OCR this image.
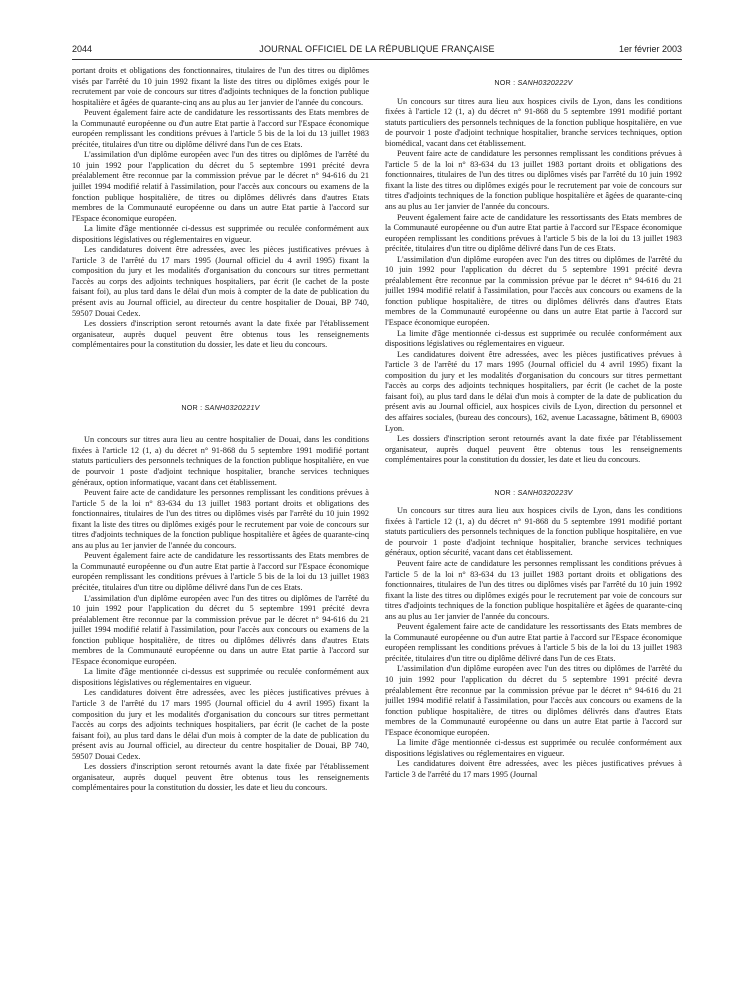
2044	JOURNAL OFFICIEL DE LA RÉPUBLIQUE FRANÇAISE	1er février 2003

portant droits et obligations des fonctionnaires, titulaires de l'un des titres ou diplômes visés par l'arrêté du 10 juin 1992 fixant la liste des titres ou diplômes exigés pour le recrutement par voie de concours sur titres d'adjoints techniques de la fonction publique hospitalière et âgées de quarante-cinq ans au plus au 1er janvier de l'année du concours.

Peuvent également faire acte de candidature les ressortissants des Etats membres de la Communauté européenne ou d'un autre Etat partie à l'accord sur l'Espace économique européen remplissant les conditions prévues à l'article 5 bis de la loi du 13 juillet 1983 précitée, titulaires d'un titre ou diplôme délivré dans l'un de ces Etats.

L'assimilation d'un diplôme européen avec l'un des titres ou diplômes de l'arrêté du 10 juin 1992 pour l'application du décret du 5 septembre 1991 précité devra préalablement être reconnue par la commission prévue par le décret n° 94-616 du 21 juillet 1994 modifié relatif à l'assimilation, pour l'accès aux concours ou examens de la fonction publique hospitalière, de titres ou diplômes délivrés dans d'autres Etats membres de la Communauté européenne ou dans un autre Etat partie à l'accord sur l'Espace économique européen.

La limite d'âge mentionnée ci-dessus est supprimée ou reculée conformément aux dispositions législatives ou réglementaires en vigueur.

Les candidatures doivent être adressées, avec les pièces justificatives prévues à l'article 3 de l'arrêté du 17 mars 1995 (Journal officiel du 4 avril 1995) fixant la composition du jury et les modalités d'organisation du concours sur titres permettant l'accès au corps des adjoints techniques hospitaliers, par écrit (le cachet de la poste faisant foi), au plus tard dans le délai d'un mois à compter de la date de publication du présent avis au Journal officiel, au directeur du centre hospitalier de Douai, BP 740, 59507 Douai Cedex.

Les dossiers d'inscription seront retournés avant la date fixée par l'établissement organisateur, auprès duquel peuvent être obtenus tous les renseignements complémentaires pour la constitution du dossier, les date et lieu du concours.

NOR : SANH0320221V

Un concours sur titres aura lieu au centre hospitalier de Douai, dans les conditions fixées à l'article 12 (1, a) du décret n° 91-868 du 5 septembre 1991 modifié portant statuts particuliers des personnels techniques de la fonction publique hospitalière, en vue de pourvoir 1 poste d'adjoint technique hospitalier, branche services techniques généraux, option informatique, vacant dans cet établissement.

Peuvent faire acte de candidature les personnes remplissant les conditions prévues à l'article 5 de la loi n° 83-634 du 13 juillet 1983 portant droits et obligations des fonctionnaires, titulaires de l'un des titres ou diplômes visés par l'arrêté du 10 juin 1992 fixant la liste des titres ou diplômes exigés pour le recrutement par voie de concours sur titres d'adjoints techniques de la fonction publique hospitalière et âgées de quarante-cinq ans au plus au 1er janvier de l'année du concours.

Peuvent également faire acte de candidature les ressortissants des Etats membres de la Communauté européenne ou d'un autre Etat partie à l'accord sur l'Espace économique européen remplissant les conditions prévues à l'article 5 bis de la loi du 13 juillet 1983 précitée, titulaires d'un titre ou diplôme délivré dans l'un de ces Etats.

L'assimilation d'un diplôme européen avec l'un des titres ou diplômes de l'arrêté du 10 juin 1992 pour l'application du décret du 5 septembre 1991 précité devra préalablement être reconnue par la commission prévue par le décret n° 94-616 du 21 juillet 1994 modifié relatif à l'assimilation, pour l'accès aux concours ou examens de la fonction publique hospitalière, de titres ou diplômes délivrés dans d'autres Etats membres de la Communauté européenne ou dans un autre Etat partie à l'accord sur l'Espace économique européen.

La limite d'âge mentionnée ci-dessus est supprimée ou reculée conformément aux dispositions législatives ou réglementaires en vigueur.

Les candidatures doivent être adressées, avec les pièces justificatives prévues à l'article 3 de l'arrêté du 17 mars 1995 (Journal officiel du 4 avril 1995) fixant la composition du jury et les modalités d'organisation du concours sur titres permettant l'accès au corps des adjoints techniques hospitaliers, par écrit (le cachet de la poste faisant foi), au plus tard dans le délai d'un mois à compter de la date de publication du présent avis au Journal officiel, au directeur du centre hospitalier de Douai, BP 740, 59507 Douai Cedex.

Les dossiers d'inscription seront retournés avant la date fixée par l'établissement organisateur, auprès duquel peuvent être obtenus tous les renseignements complémentaires pour la constitution du dossier, les date et lieu du concours.

NOR : SANH0320222V

Un concours sur titres aura lieu aux hospices civils de Lyon, dans les conditions fixées à l'article 12 (1, a) du décret n° 91-868 du 5 septembre 1991 modifié portant statuts particuliers des personnels techniques de la fonction publique hospitalière, en vue de pourvoir 1 poste d'adjoint technique hospitalier, branche services techniques, option biomédical, vacant dans cet établissement.

Peuvent faire acte de candidature les personnes remplissant les conditions prévues à l'article 5 de la loi n° 83-634 du 13 juillet 1983 portant droits et obligations des fonctionnaires, titulaires de l'un des titres ou diplômes visés par l'arrêté du 10 juin 1992 fixant la liste des titres ou diplômes exigés pour le recrutement par voie de concours sur titres d'adjoints techniques de la fonction publique hospitalière et âgées de quarante-cinq ans au plus au 1er janvier de l'année du concours.

Peuvent également faire acte de candidature les ressortissants des Etats membres de la Communauté européenne ou d'un autre Etat partie à l'accord sur l'Espace économique européen remplissant les conditions prévues à l'article 5 bis de la loi du 13 juillet 1983 précitée, titulaires d'un titre ou diplôme délivré dans l'un de ces Etats.

L'assimilation d'un diplôme européen avec l'un des titres ou diplômes de l'arrêté du 10 juin 1992 pour l'application du décret du 5 septembre 1991 précité devra préalablement être reconnue par la commission prévue par le décret n° 94-616 du 21 juillet 1994 modifié relatif à l'assimilation, pour l'accès aux concours ou examens de la fonction publique hospitalière, de titres ou diplômes délivrés dans d'autres Etats membres de la Communauté européenne ou dans un autre Etat partie à l'accord sur l'Espace économique européen.

La limite d'âge mentionnée ci-dessus est supprimée ou reculée conformément aux dispositions législatives ou réglementaires en vigueur.

Les candidatures doivent être adressées, avec les pièces justificatives prévues à l'article 3 de l'arrêté du 17 mars 1995 (Journal officiel du 4 avril 1995) fixant la composition du jury et les modalités d'organisation du concours sur titres permettant l'accès au corps des adjoints techniques hospitaliers, par écrit (le cachet de la poste faisant foi), au plus tard dans le délai d'un mois à compter de la date de publication du présent avis au Journal officiel, aux hospices civils de Lyon, direction du personnel et des affaires sociales, (bureau des concours), 162, avenue Lacassagne, bâtiment B, 69003 Lyon.

Les dossiers d'inscription seront retournés avant la date fixée par l'établissement organisateur, auprès duquel peuvent être obtenus tous les renseignements complémentaires pour la constitution du dossier, les date et lieu du concours.

NOR : SANH0320223V

Un concours sur titres aura lieu aux hospices civils de Lyon, dans les conditions fixées à l'article 12 (1, a) du décret n° 91-868 du 5 septembre 1991 modifié portant statuts particuliers des personnels techniques de la fonction publique hospitalière, en vue de pourvoir 1 poste d'adjoint technique hospitalier, branche services techniques généraux, option sécurité, vacant dans cet établissement.

Peuvent faire acte de candidature les personnes remplissant les conditions prévues à l'article 5 de la loi n° 83-634 du 13 juillet 1983 portant droits et obligations des fonctionnaires, titulaires de l'un des titres ou diplômes visés par l'arrêté du 10 juin 1992 fixant la liste des titres ou diplômes exigés pour le recrutement par voie de concours sur titres d'adjoints techniques de la fonction publique hospitalière et âgées de quarante-cinq ans au plus au 1er janvier de l'année du concours.

Peuvent également faire acte de candidature les ressortissants des Etats membres de la Communauté européenne ou d'un autre Etat partie à l'accord sur l'Espace économique européen remplissant les conditions prévues à l'article 5 bis de la loi du 13 juillet 1983 précitée, titulaires d'un titre ou diplôme délivré dans l'un de ces Etats.

L'assimilation d'un diplôme européen avec l'un des titres ou diplômes de l'arrêté du 10 juin 1992 pour l'application du décret du 5 septembre 1991 précité devra préalablement être reconnue par la commission prévue par le décret n° 94-616 du 21 juillet 1994 modifié relatif à l'assimilation, pour l'accès aux concours ou examens de la fonction publique hospitalière, de titres ou diplômes délivrés dans d'autres Etats membres de la Communauté européenne ou dans un autre Etat partie à l'accord sur l'Espace économique européen.

La limite d'âge mentionnée ci-dessus est supprimée ou reculée conformément aux dispositions législatives ou réglementaires en vigueur.

Les candidatures doivent être adressées, avec les pièces justificatives prévues à l'article 3 de l'arrêté du 17 mars 1995 (Journal
